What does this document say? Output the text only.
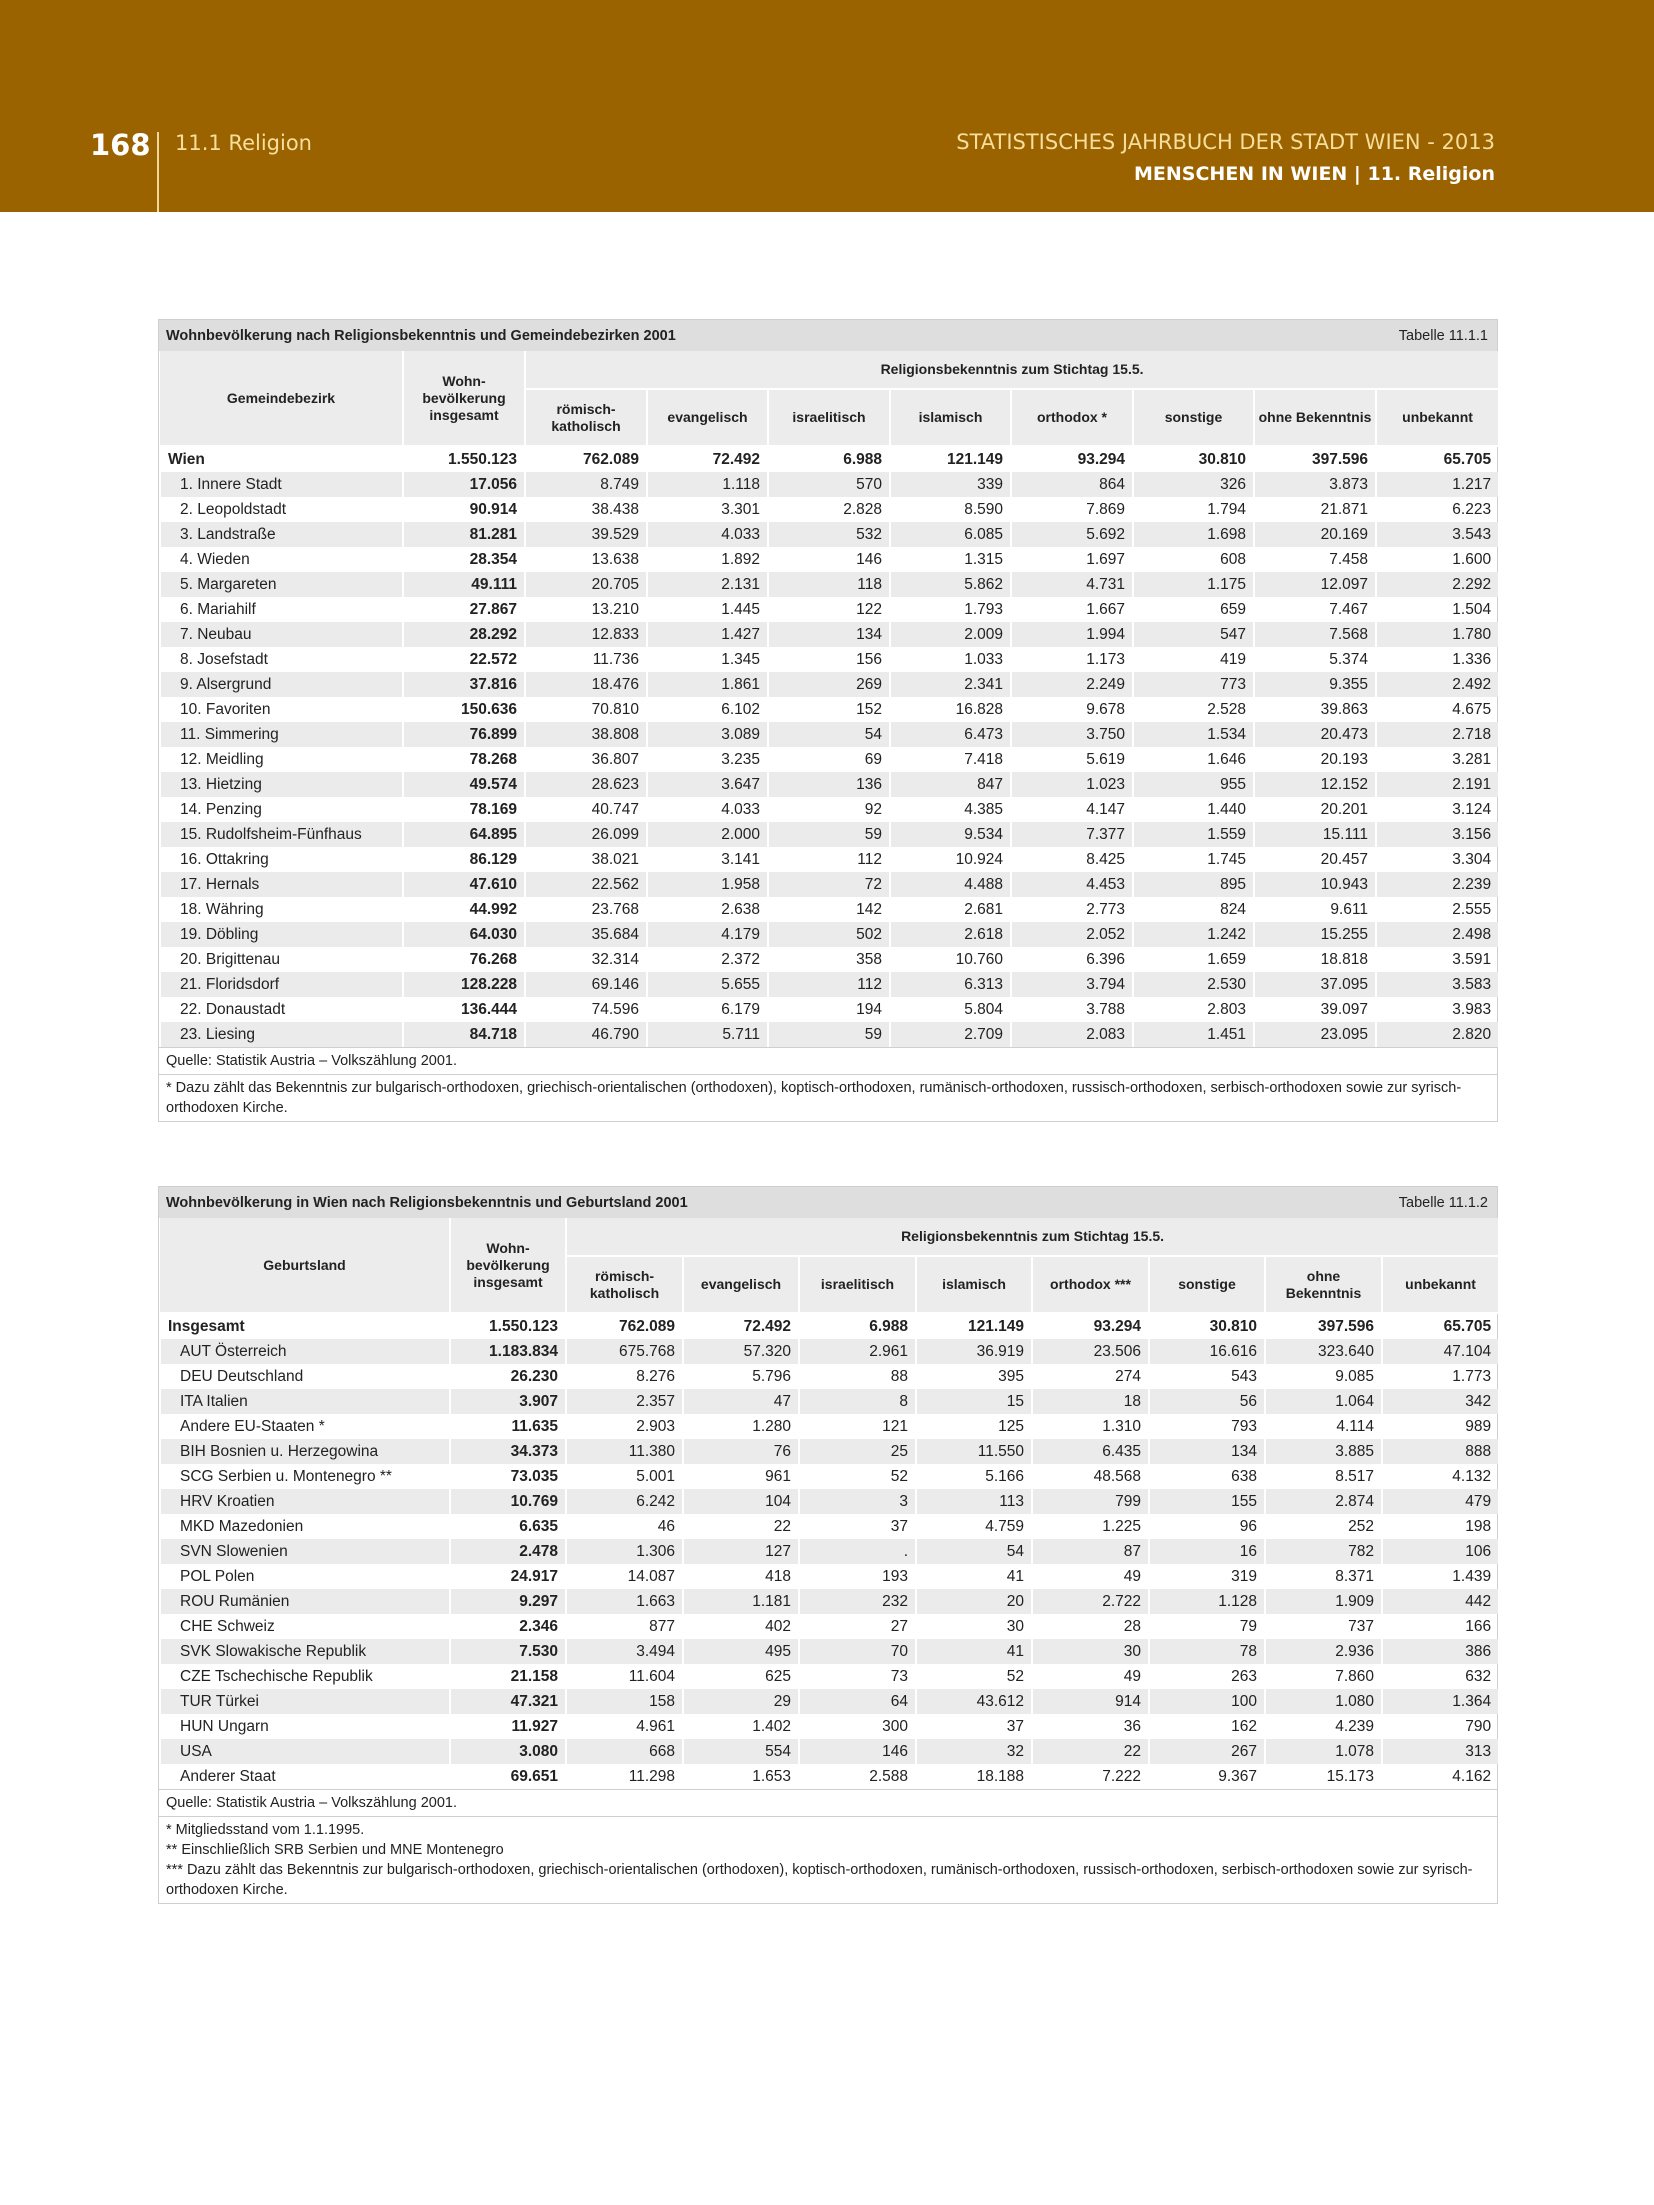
168 11.1 Religion	STATISTISCHES JAHRBUCH DER STADT WIEN - 2013
MENSCHEN IN WIEN | 11. Religion
Wohnbevölkerung nach Religionsbekenntnis und Gemeindebezirken 2001	Tabelle 11.1.1
Gemeindebezirk	Wohn-bevölkerung insgesamt	Religionsbekenntnis zum Stichtag 15.5.							
		römisch-katholisch	evangelisch	israelitisch	islamisch	orthodox *	sonstige	ohne Bekenntnis	unbekannt
Wien	1.550.123	762.089	72.492	6.988	121.149	93.294	30.810	397.596	65.705
1. Innere Stadt	17.056	8.749	1.118	570	339	864	326	3.873	1.217
2. Leopoldstadt	90.914	38.438	3.301	2.828	8.590	7.869	1.794	21.871	6.223
3. Landstraße	81.281	39.529	4.033	532	6.085	5.692	1.698	20.169	3.543
4. Wieden	28.354	13.638	1.892	146	1.315	1.697	608	7.458	1.600
5. Margareten	49.111	20.705	2.131	118	5.862	4.731	1.175	12.097	2.292
6. Mariahilf	27.867	13.210	1.445	122	1.793	1.667	659	7.467	1.504
7. Neubau	28.292	12.833	1.427	134	2.009	1.994	547	7.568	1.780
8. Josefstadt	22.572	11.736	1.345	156	1.033	1.173	419	5.374	1.336
9. Alsergrund	37.816	18.476	1.861	269	2.341	2.249	773	9.355	2.492
10. Favoriten	150.636	70.810	6.102	152	16.828	9.678	2.528	39.863	4.675
11. Simmering	76.899	38.808	3.089	54	6.473	3.750	1.534	20.473	2.718
12. Meidling	78.268	36.807	3.235	69	7.418	5.619	1.646	20.193	3.281
13. Hietzing	49.574	28.623	3.647	136	847	1.023	955	12.152	2.191
14. Penzing	78.169	40.747	4.033	92	4.385	4.147	1.440	20.201	3.124
15. Rudolfsheim-Fünfhaus	64.895	26.099	2.000	59	9.534	7.377	1.559	15.111	3.156
16. Ottakring	86.129	38.021	3.141	112	10.924	8.425	1.745	20.457	3.304
17. Hernals	47.610	22.562	1.958	72	4.488	4.453	895	10.943	2.239
18. Währing	44.992	23.768	2.638	142	2.681	2.773	824	9.611	2.555
19. Döbling	64.030	35.684	4.179	502	2.618	2.052	1.242	15.255	2.498
20. Brigittenau	76.268	32.314	2.372	358	10.760	6.396	1.659	18.818	3.591
21. Floridsdorf	128.228	69.146	5.655	112	6.313	3.794	2.530	37.095	3.583
22. Donaustadt	136.444	74.596	6.179	194	5.804	3.788	2.803	39.097	3.983
23. Liesing	84.718	46.790	5.711	59	2.709	2.083	1.451	23.095	2.820
Quelle: Statistik Austria – Volkszählung 2001.
* Dazu zählt das Bekenntnis zur bulgarisch-orthodoxen, griechisch-orientalischen (orthodoxen), koptisch-orthodoxen, rumänisch-orthodoxen, russisch-orthodoxen, serbisch-orthodoxen sowie zur syrisch-orthodoxen Kirche.
Wohnbevölkerung in Wien nach Religionsbekenntnis und Geburtsland 2001	Tabelle 11.1.2
Geburtsland	Wohn-bevölkerung insgesamt	Religionsbekenntnis zum Stichtag 15.5.							
		römisch-katholisch	evangelisch	israelitisch	islamisch	orthodox ***	sonstige	ohne Bekenntnis	unbekannt
Insgesamt	1.550.123	762.089	72.492	6.988	121.149	93.294	30.810	397.596	65.705
AUT Österreich	1.183.834	675.768	57.320	2.961	36.919	23.506	16.616	323.640	47.104
DEU Deutschland	26.230	8.276	5.796	88	395	274	543	9.085	1.773
ITA Italien	3.907	2.357	47	8	15	18	56	1.064	342
Andere EU-Staaten *	11.635	2.903	1.280	121	125	1.310	793	4.114	989
BIH Bosnien u. Herzegowina	34.373	11.380	76	25	11.550	6.435	134	3.885	888
SCG Serbien u. Montenegro **	73.035	5.001	961	52	5.166	48.568	638	8.517	4.132
HRV Kroatien	10.769	6.242	104	3	113	799	155	2.874	479
MKD Mazedonien	6.635	46	22	37	4.759	1.225	96	252	198
SVN Slowenien	2.478	1.306	127	.	54	87	16	782	106
POL Polen	24.917	14.087	418	193	41	49	319	8.371	1.439
ROU Rumänien	9.297	1.663	1.181	232	20	2.722	1.128	1.909	442
CHE Schweiz	2.346	877	402	27	30	28	79	737	166
SVK Slowakische Republik	7.530	3.494	495	70	41	30	78	2.936	386
CZE Tschechische Republik	21.158	11.604	625	73	52	49	263	7.860	632
TUR Türkei	47.321	158	29	64	43.612	914	100	1.080	1.364
HUN Ungarn	11.927	4.961	1.402	300	37	36	162	4.239	790
USA	3.080	668	554	146	32	22	267	1.078	313
Anderer Staat	69.651	11.298	1.653	2.588	18.188	7.222	9.367	15.173	4.162
Quelle: Statistik Austria – Volkszählung 2001.
* Mitgliedsstand vom 1.1.1995.
** Einschließlich SRB Serbien und MNE Montenegro
*** Dazu zählt das Bekenntnis zur bulgarisch-orthodoxen, griechisch-orientalischen (orthodoxen), koptisch-orthodoxen, rumänisch-orthodoxen, russisch-orthodoxen, serbisch-orthodoxen sowie zur syrisch-orthodoxen Kirche.
